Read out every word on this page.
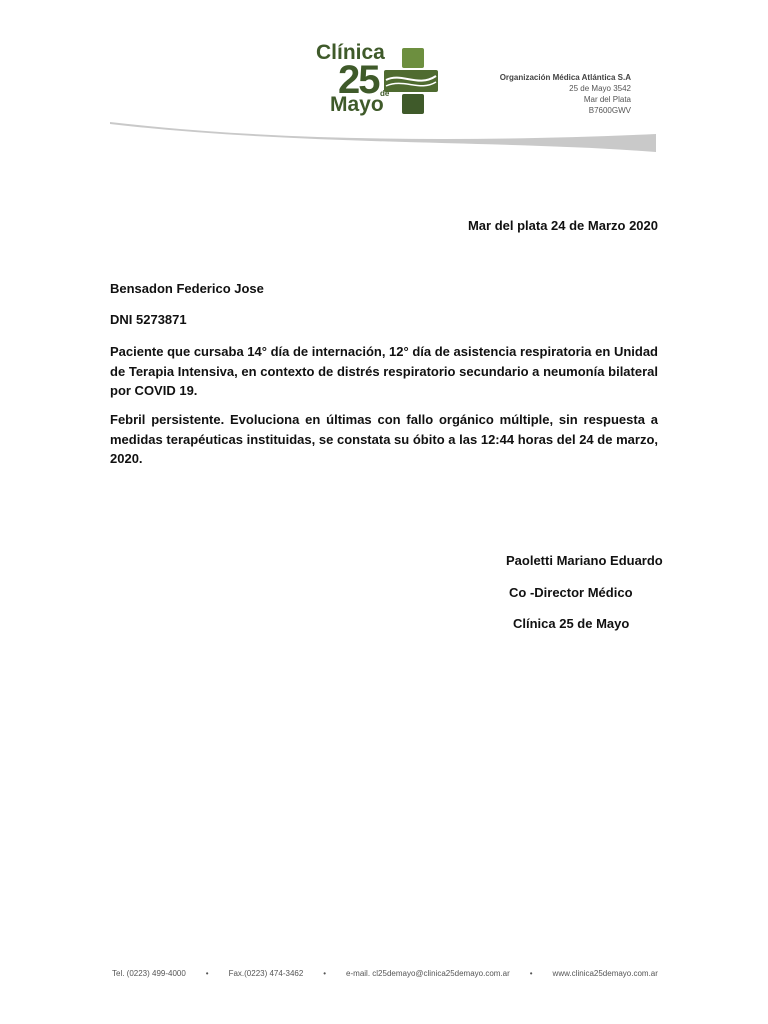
Clínica
25 de
Mayo
Organización Médica Atlántica S.A
25 de Mayo 3542
Mar del Plata
B7600GWV
Mar del plata 24 de Marzo 2020
Bensadon Federico Jose
DNI 5273871
Paciente que cursaba 14° día de internación, 12° día de asistencia respiratoria en Unidad de Terapia Intensiva, en contexto de distrés respiratorio secundario a neumonía bilateral por COVID 19.
Febril persistente. Evoluciona en últimas con fallo orgánico múltiple, sin respuesta a medidas terapéuticas instituidas, se constata su óbito a las 12:44 horas del 24 de marzo, 2020.
Paoletti Mariano Eduardo
Co -Director Médico
Clínica 25 de Mayo
Tel. (0223) 499-4000 • Fax.(0223) 474-3462 • e-mail. cl25demayo@clinica25demayo.com.ar • www.clinica25demayo.com.ar
